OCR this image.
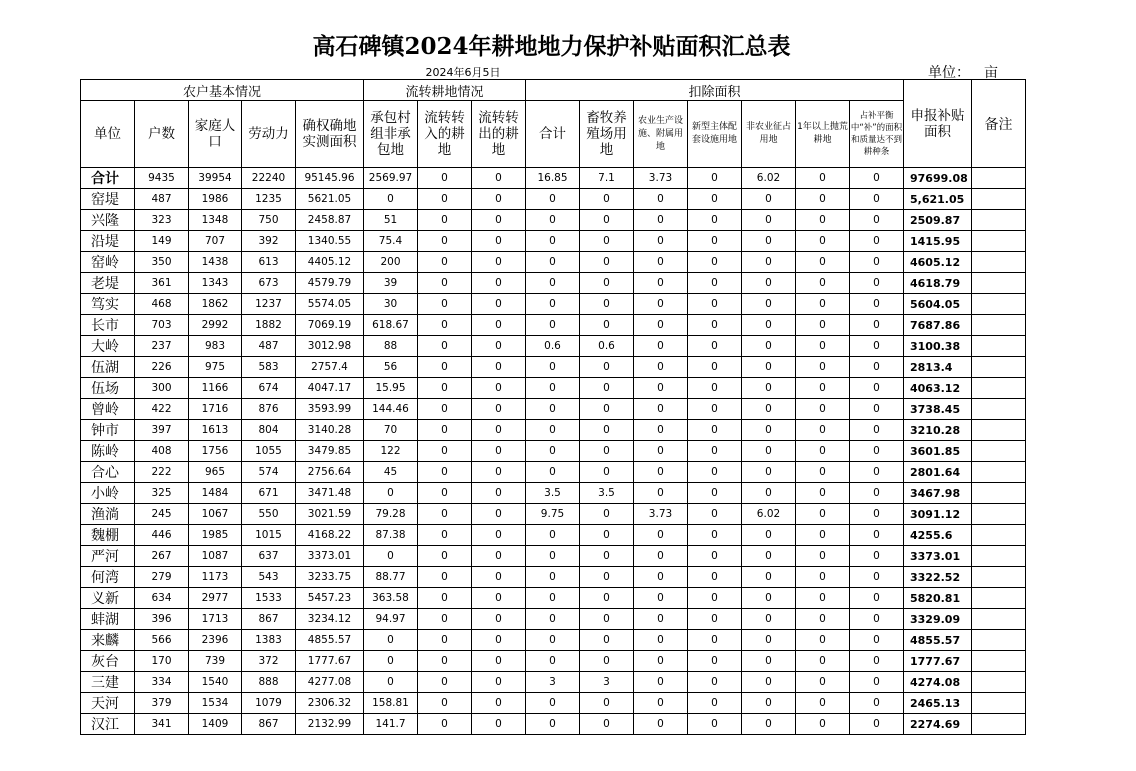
高石碑镇2024年耕地地力保护补贴面积汇总表
2024年6月5日	单位： 亩
农户基本情况					流转耕地情况			扣除面积							申报补贴面积	备注
单位	户数	家庭人口	劳动力	确权确地实测面积	承包村组非承包地	流转转入的耕地	流转转出的耕地	合计	畜牧养殖场用地	农业生产设施、附属用地	新型主体配套设施用地	非农业征占用地	1年以上抛荒耕地	占补平衡中“补”的面积和质量达不到耕种条		
合计	9435	39954	22240	95145.96	2569.97	0	0	16.85	7.1	3.73	0	6.02	0	0	97699.08	
窑堤	487	1986	1235	5621.05	0	0	0	0	0	0	0	0	0	0	5,621.05	
兴隆	323	1348	750	2458.87	51	0	0	0	0	0	0	0	0	0	2509.87	
沿堤	149	707	392	1340.55	75.4	0	0	0	0	0	0	0	0	0	1415.95	
窑岭	350	1438	613	4405.12	200	0	0	0	0	0	0	0	0	0	4605.12	
老堤	361	1343	673	4579.79	39	0	0	0	0	0	0	0	0	0	4618.79	
笃实	468	1862	1237	5574.05	30	0	0	0	0	0	0	0	0	0	5604.05	
长市	703	2992	1882	7069.19	618.67	0	0	0	0	0	0	0	0	0	7687.86	
大岭	237	983	487	3012.98	88	0	0	0.6	0.6	0	0	0	0	0	3100.38	
伍湖	226	975	583	2757.4	56	0	0	0	0	0	0	0	0	0	2813.4	
伍场	300	1166	674	4047.17	15.95	0	0	0	0	0	0	0	0	0	4063.12	
曾岭	422	1716	876	3593.99	144.46	0	0	0	0	0	0	0	0	0	3738.45	
钟市	397	1613	804	3140.28	70	0	0	0	0	0	0	0	0	0	3210.28	
陈岭	408	1756	1055	3479.85	122	0	0	0	0	0	0	0	0	0	3601.85	
合心	222	965	574	2756.64	45	0	0	0	0	0	0	0	0	0	2801.64	
小岭	325	1484	671	3471.48	0	0	0	3.5	3.5	0	0	0	0	0	3467.98	
渔淌	245	1067	550	3021.59	79.28	0	0	9.75	0	3.73	0	6.02	0	0	3091.12	
魏棚	446	1985	1015	4168.22	87.38	0	0	0	0	0	0	0	0	0	4255.6	
严河	267	1087	637	3373.01	0	0	0	0	0	0	0	0	0	0	3373.01	
何湾	279	1173	543	3233.75	88.77	0	0	0	0	0	0	0	0	0	3322.52	
义新	634	2977	1533	5457.23	363.58	0	0	0	0	0	0	0	0	0	5820.81	
蚌湖	396	1713	867	3234.12	94.97	0	0	0	0	0	0	0	0	0	3329.09	
来麟	566	2396	1383	4855.57	0	0	0	0	0	0	0	0	0	0	4855.57	
灰台	170	739	372	1777.67	0	0	0	0	0	0	0	0	0	0	1777.67	
三建	334	1540	888	4277.08	0	0	0	3	3	0	0	0	0	0	4274.08	
天河	379	1534	1079	2306.32	158.81	0	0	0	0	0	0	0	0	0	2465.13	
汉江	341	1409	867	2132.99	141.7	0	0	0	0	0	0	0	0	0	2274.69	
